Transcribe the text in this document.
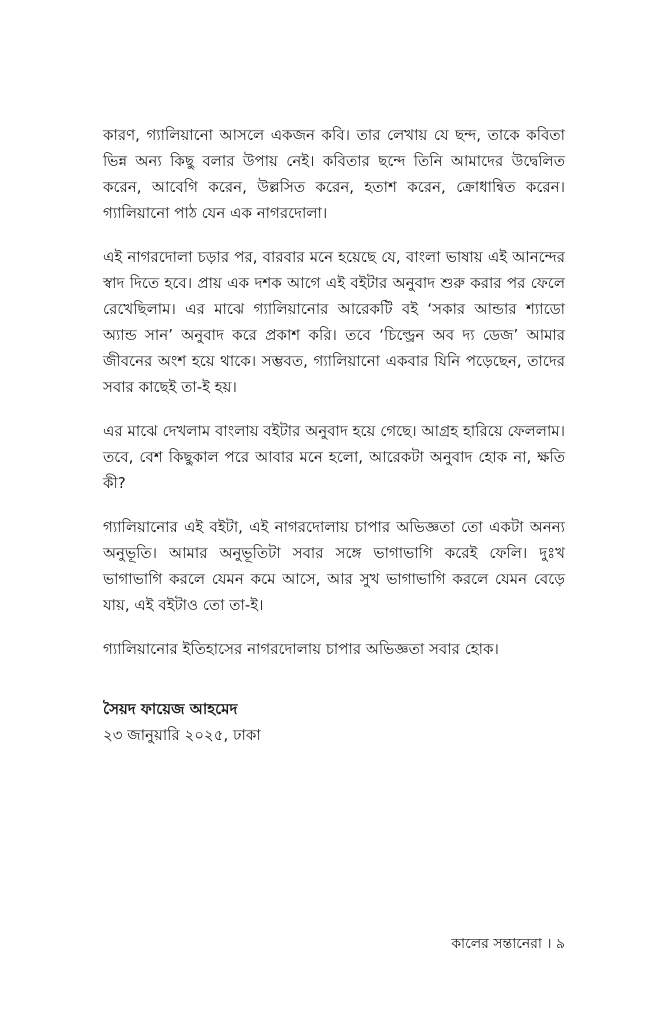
কারণ, গ্যালিয়ানো আসলে একজন কবি। তার লেখায় যে ছন্দ, তাকে কবিতা ভিন্ন অন্য কিছু বলার উপায় নেই। কবিতার ছন্দে তিনি আমাদের উদ্বেলিত করেন, আবেগি করেন, উল্লসিত করেন, হতাশ করেন, ক্রোধান্বিত করেন। গ্যালিয়ানো পাঠ যেন এক নাগরদোলা।

এই নাগরদোলা চড়ার পর, বারবার মনে হয়েছে যে, বাংলা ভাষায় এই আনন্দের স্বাদ দিতে হবে। প্রায় এক দশক আগে এই বইটার অনুবাদ শুরু করার পর ফেলে রেখেছিলাম। এর মাঝে গ্যালিয়ানোর আরেকটি বই ‘সকার আন্ডার শ্যাডো অ্যান্ড সান’ অনুবাদ করে প্রকাশ করি। তবে ‘চিল্ড্রেন অব দ্য ডেজ’ আমার জীবনের অংশ হয়ে থাকে। সম্ভবত, গ্যালিয়ানো একবার যিনি পড়েছেন, তাদের সবার কাছেই তা-ই হয়।

এর মাঝে দেখলাম বাংলায় বইটার অনুবাদ হয়ে গেছে। আগ্রহ হারিয়ে ফেললাম। তবে, বেশ কিছুকাল পরে আবার মনে হলো, আরেকটা অনুবাদ হোক না, ক্ষতি কী?

গ্যালিয়ানোর এই বইটা, এই নাগরদোলায় চাপার অভিজ্ঞতা তো একটা অনন্য অনুভূতি। আমার অনুভূতিটা সবার সঙ্গে ভাগাভাগি করেই ফেলি। দুঃখ ভাগাভাগি করলে যেমন কমে আসে, আর সুখ ভাগাভাগি করলে যেমন বেড়ে যায়, এই বইটাও তো তা-ই।

গ্যালিয়ানোর ইতিহাসের নাগরদোলায় চাপার অভিজ্ঞতা সবার হোক।

সৈয়দ ফায়েজ আহমেদ

২৩ জানুয়ারি ২০২৫, ঢাকা

কালের সন্তানেরা । ৯
